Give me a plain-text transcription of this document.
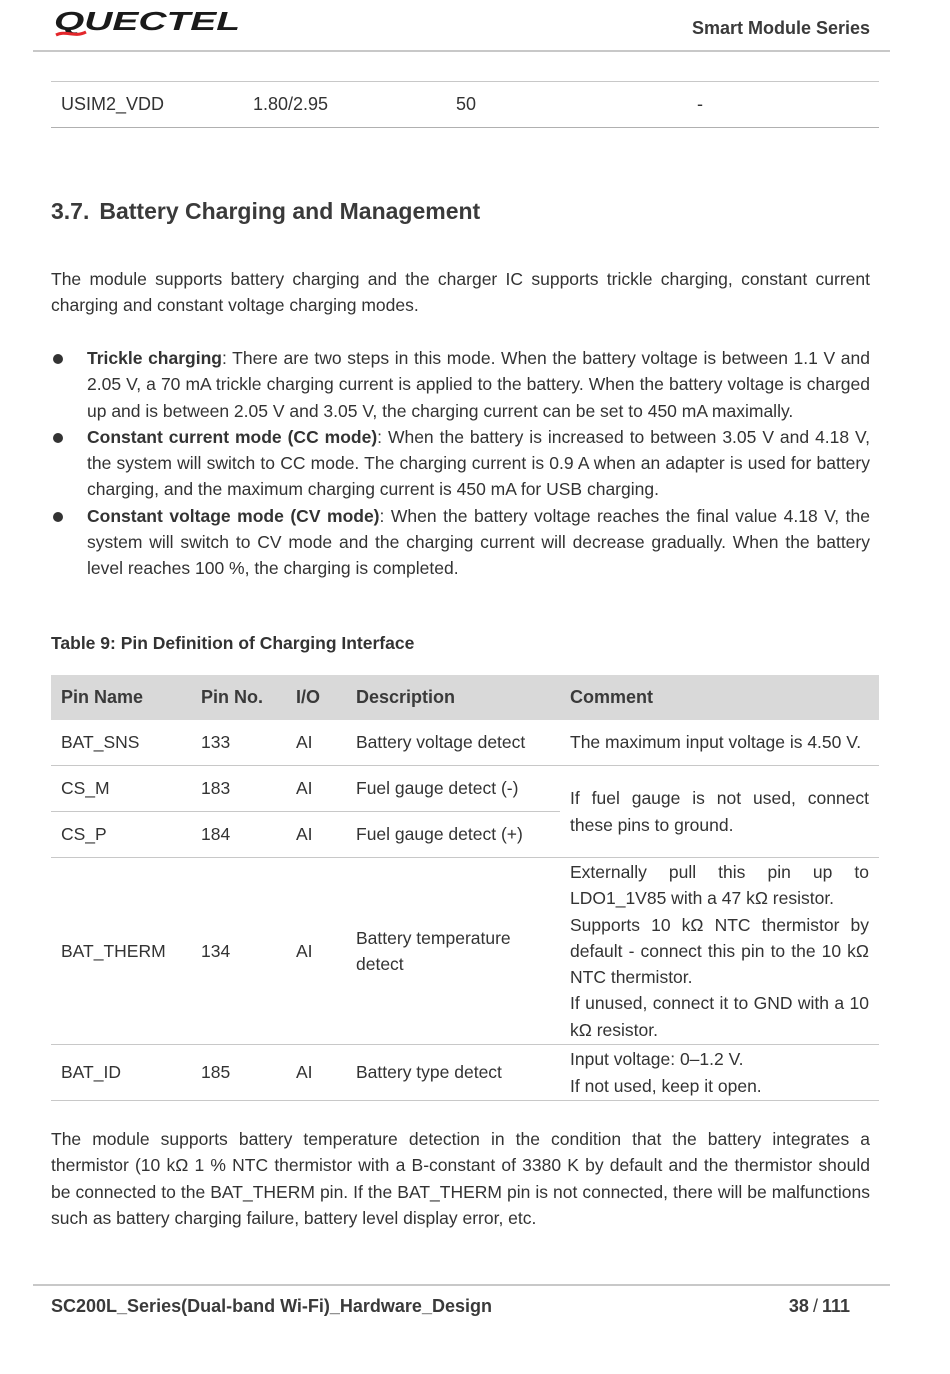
QUECTEL	Smart Module Series
USIM2_VDD	1.80/2.95	50	-
3.7. Battery Charging and Management

The module supports battery charging and the charger IC supports trickle charging, constant current charging and constant voltage charging modes.

Trickle charging: There are two steps in this mode. When the battery voltage is between 1.1 V and 2.05 V, a 70 mA trickle charging current is applied to the battery. When the battery voltage is charged up and is between 2.05 V and 3.05 V, the charging current can be set to 450 mA maximally.
Constant current mode (CC mode): When the battery is increased to between 3.05 V and 4.18 V, the system will switch to CC mode. The charging current is 0.9 A when an adapter is used for battery charging, and the maximum charging current is 450 mA for USB charging.
Constant voltage mode (CV mode): When the battery voltage reaches the final value 4.18 V, the system will switch to CV mode and the charging current will decrease gradually. When the battery level reaches 100 %, the charging is completed.

Table 9: Pin Definition of Charging Interface

Pin Name	Pin No.	I/O	Description	Comment
BAT_SNS	133	AI	Battery voltage detect	The maximum input voltage is 4.50 V.
CS_M	183	AI	Fuel gauge detect (-)	If fuel gauge is not used, connect these pins to ground.
CS_P	184	AI	Fuel gauge detect (+)	
BAT_THERM	134	AI	Battery temperature detect	Externally pull this pin up to LDO1_1V85 with a 47 kΩ resistor.
Supports 10 kΩ NTC thermistor by default - connect this pin to the 10 kΩ NTC thermistor.
If unused, connect it to GND with a 10 kΩ resistor.

BAT_ID	185	AI	Battery type detect	Input voltage: 0–1.2 V.
If not used, keep it open.

The module supports battery temperature detection in the condition that the battery integrates a thermistor (10 kΩ 1 % NTC thermistor with a B-constant of 3380 K by default and the thermistor should be connected to the BAT_THERM pin. If the BAT_THERM pin is not connected, there will be malfunctions such as battery charging failure, battery level display error, etc.

SC200L_Series(Dual-band Wi-Fi)_Hardware_Design	38 / 111
